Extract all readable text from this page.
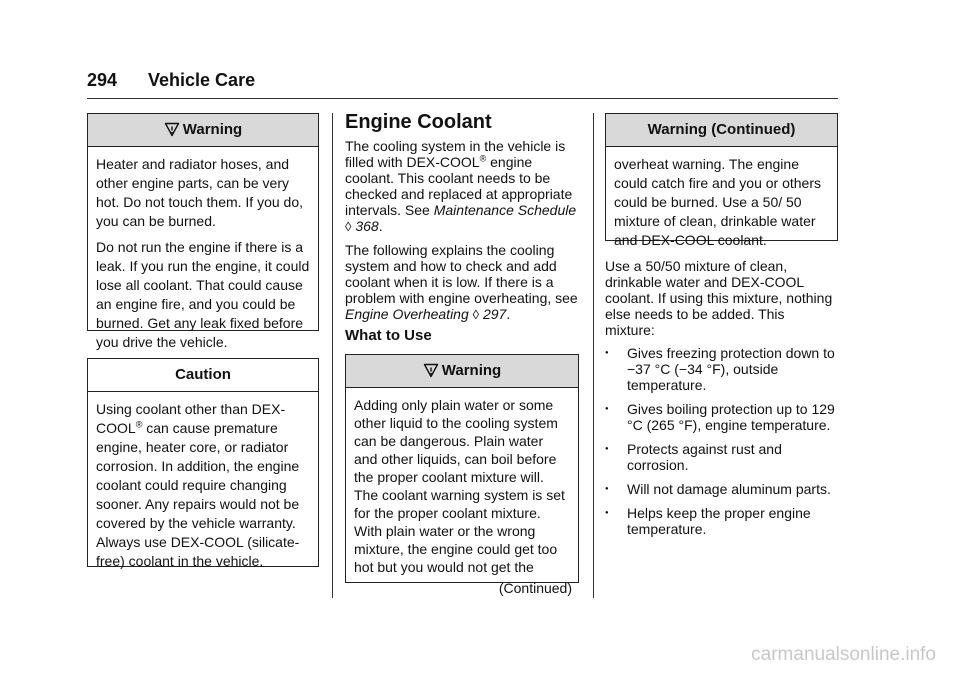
294 Vehicle Care
Warning

Heater and radiator hoses, and other engine parts, can be very hot. Do not touch them. If you do, you can be burned.

Do not run the engine if there is a leak. If you run the engine, it could lose all coolant. That could cause an engine fire, and you could be burned. Get any leak fixed before you drive the vehicle.

Caution

Using coolant other than DEX-COOL® can cause premature engine, heater core, or radiator corrosion. In addition, the engine coolant could require changing sooner. Any repairs would not be covered by the vehicle warranty. Always use DEX-COOL (silicate-free) coolant in the vehicle.

Engine Coolant

The cooling system in the vehicle is filled with DEX-COOL® engine coolant. This coolant needs to be checked and replaced at appropriate intervals. See Maintenance Schedule ◊ 368.

The following explains the cooling system and how to check and add coolant when it is low. If there is a problem with engine overheating, see Engine Overheating ◊ 297.

What to Use
Warning

Adding only plain water or some other liquid to the cooling system can be dangerous. Plain water and other liquids, can boil before the proper coolant mixture will. The coolant warning system is set for the proper coolant mixture. With plain water or the wrong mixture, the engine could get too hot but you would not get the

(Continued)
Warning (Continued)

overheat warning. The engine could catch fire and you or others could be burned. Use a 50/ 50 mixture of clean, drinkable water and DEX-COOL coolant.

Use a 50/50 mixture of clean, drinkable water and DEX-COOL coolant. If using this mixture, nothing else needs to be added. This mixture:

● Gives freezing protection down to −37 °C (−34 °F), outside temperature.
● Gives boiling protection up to 129 °C (265 °F), engine temperature.
● Protects against rust and corrosion.
● Will not damage aluminum parts.
● Helps keep the proper engine temperature.
carmanualsonline.info
